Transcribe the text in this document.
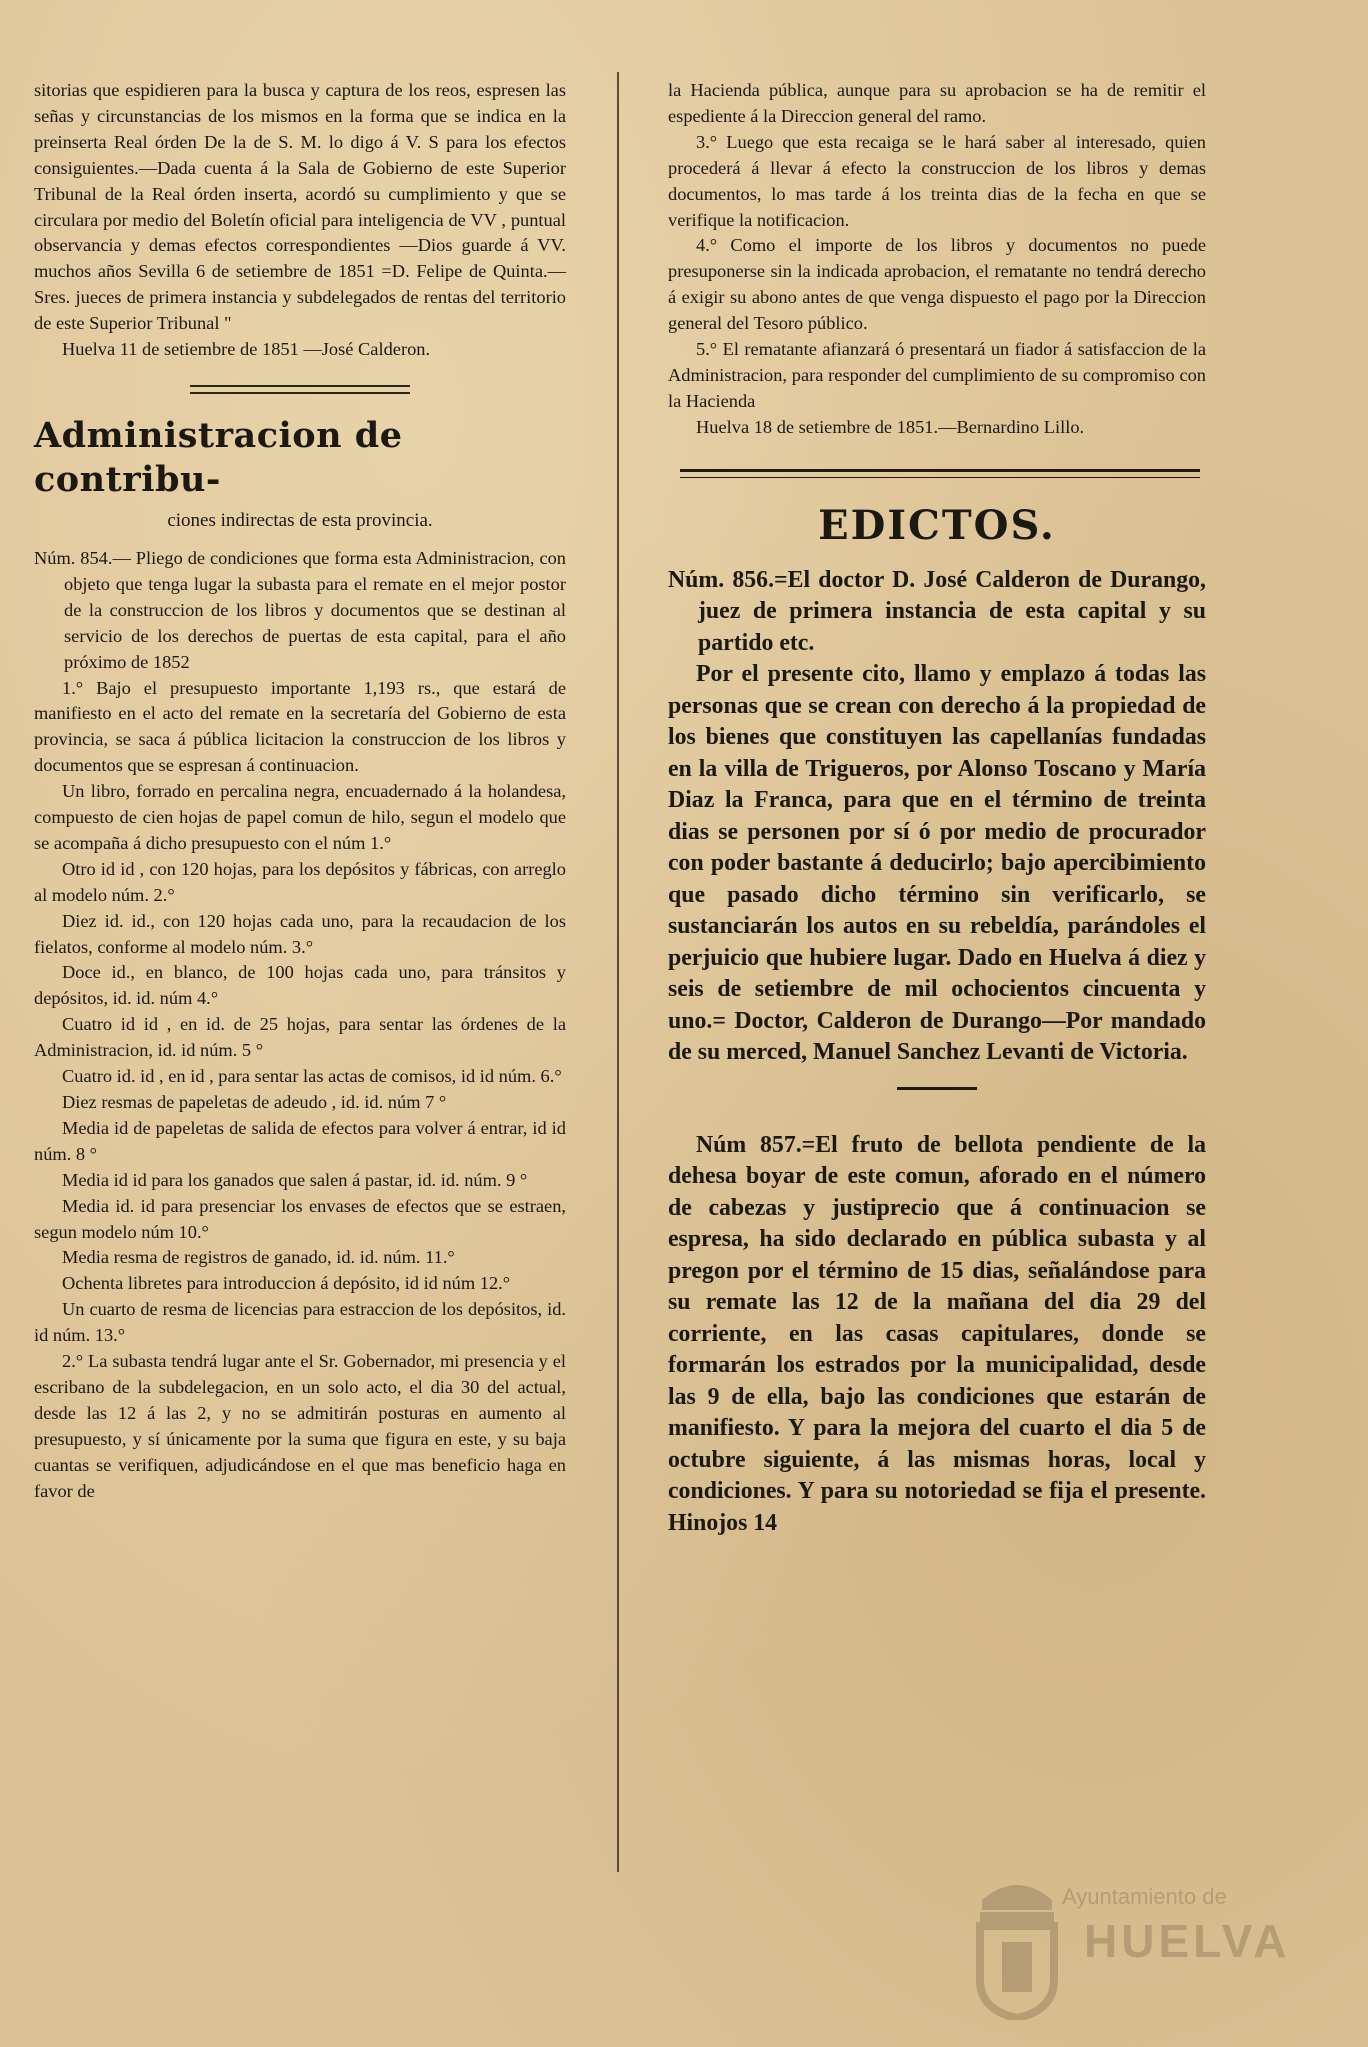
sitorias que espidieren para la busca y captura de los reos, espresen las señas y circunstancias de los mismos en la forma que se indica en la preinserta Real órden De la de S. M. lo digo á V. S para los efectos consiguientes.—Dada cuenta á la Sala de Gobierno de este Superior Tribunal de la Real órden inserta, acordó su cumplimiento y que se circulara por medio del Boletín oficial para inteligencia de VV , puntual observancia y demas efectos correspondientes —Dios guarde á VV. muchos años Sevilla 6 de setiembre de 1851 =D. Felipe de Quinta.—Sres. jueces de primera instancia y subdelegados de rentas del territorio de este Superior Tribunal "

Huelva 11 de setiembre de 1851 —José Calderon.

Administracion de contribu-
ciones indirectas de esta provincia.

Núm. 854.— Pliego de condiciones que forma esta Administracion, con objeto que tenga lugar la subasta para el remate en el mejor postor de la construccion de los libros y documentos que se destinan al servicio de los derechos de puertas de esta capital, para el año próximo de 1852

1.° Bajo el presupuesto importante 1,193 rs., que estará de manifiesto en el acto del remate en la secretaría del Gobierno de esta provincia, se saca á pública licitacion la construccion de los libros y documentos que se espresan á continuacion.

Un libro, forrado en percalina negra, encuadernado á la holandesa, compuesto de cien hojas de papel comun de hilo, segun el modelo que se acompaña á dicho presupuesto con el núm 1.°

Otro id id , con 120 hojas, para los depósitos y fábricas, con arreglo al modelo núm. 2.°

Diez id. id., con 120 hojas cada uno, para la recaudacion de los fielatos, conforme al modelo núm. 3.°

Doce id., en blanco, de 100 hojas cada uno, para tránsitos y depósitos, id. id. núm 4.°

Cuatro id id , en id. de 25 hojas, para sentar las órdenes de la Administracion, id. id núm. 5 °

Cuatro id. id , en id , para sentar las actas de comisos, id id núm. 6.°

Diez resmas de papeletas de adeudo , id. id. núm 7 °

Media id de papeletas de salida de efectos para volver á entrar, id id núm. 8 °

Media id id para los ganados que salen á pastar, id. id. núm. 9 °

Media id. id para presenciar los envases de efectos que se estraen, segun modelo núm 10.°

Media resma de registros de ganado, id. id. núm. 11.°

Ochenta libretes para introduccion á depósito, id id núm 12.°

Un cuarto de resma de licencias para estraccion de los depósitos, id. id núm. 13.°

2.° La subasta tendrá lugar ante el Sr. Gobernador, mi presencia y el escribano de la subdelegacion, en un solo acto, el dia 30 del actual, desde las 12 á las 2, y no se admitirán posturas en aumento al presupuesto, y sí únicamente por la suma que figura en este, y su baja cuantas se verifiquen, adjudicándose en el que mas beneficio haga en favor de

la Hacienda pública, aunque para su aprobacion se ha de remitir el espediente á la Direccion general del ramo.

3.° Luego que esta recaiga se le hará saber al interesado, quien procederá á llevar á efecto la construccion de los libros y demas documentos, lo mas tarde á los treinta dias de la fecha en que se verifique la notificacion.

4.° Como el importe de los libros y documentos no puede presuponerse sin la indicada aprobacion, el rematante no tendrá derecho á exigir su abono antes de que venga dispuesto el pago por la Direccion general del Tesoro público.

5.° El rematante afianzará ó presentará un fiador á satisfaccion de la Administracion, para responder del cumplimiento de su compromiso con la Hacienda

Huelva 18 de setiembre de 1851.—Bernardino Lillo.

EDICTOS.

Núm. 856.=El doctor D. José Calderon de Durango, juez de primera instancia de esta capital y su partido etc.

Por el presente cito, llamo y emplazo á todas las personas que se crean con derecho á la propiedad de los bienes que constituyen las capellanías fundadas en la villa de Trigueros, por Alonso Toscano y María Diaz la Franca, para que en el término de treinta dias se personen por sí ó por medio de procurador con poder bastante á deducirlo; bajo apercibimiento que pasado dicho término sin verificarlo, se sustanciarán los autos en su rebeldía, parándoles el perjuicio que hubiere lugar. Dado en Huelva á diez y seis de setiembre de mil ochocientos cincuenta y uno.= Doctor, Calderon de Durango—Por mandado de su merced, Manuel Sanchez Levanti de Victoria.

Núm 857.=El fruto de bellota pendiente de la dehesa boyar de este comun, aforado en el número de cabezas y justiprecio que á continuacion se espresa, ha sido declarado en pública subasta y al pregon por el término de 15 dias, señalándose para su remate las 12 de la mañana del dia 29 del corriente, en las casas capitulares, donde se formarán los estrados por la municipalidad, desde las 9 de ella, bajo las condiciones que estarán de manifiesto. Y para la mejora del cuarto el dia 5 de octubre siguiente, á las mismas horas, local y condiciones. Y para su notoriedad se fija el presente. Hinojos 14

Ayuntamiento de
HUELVA
